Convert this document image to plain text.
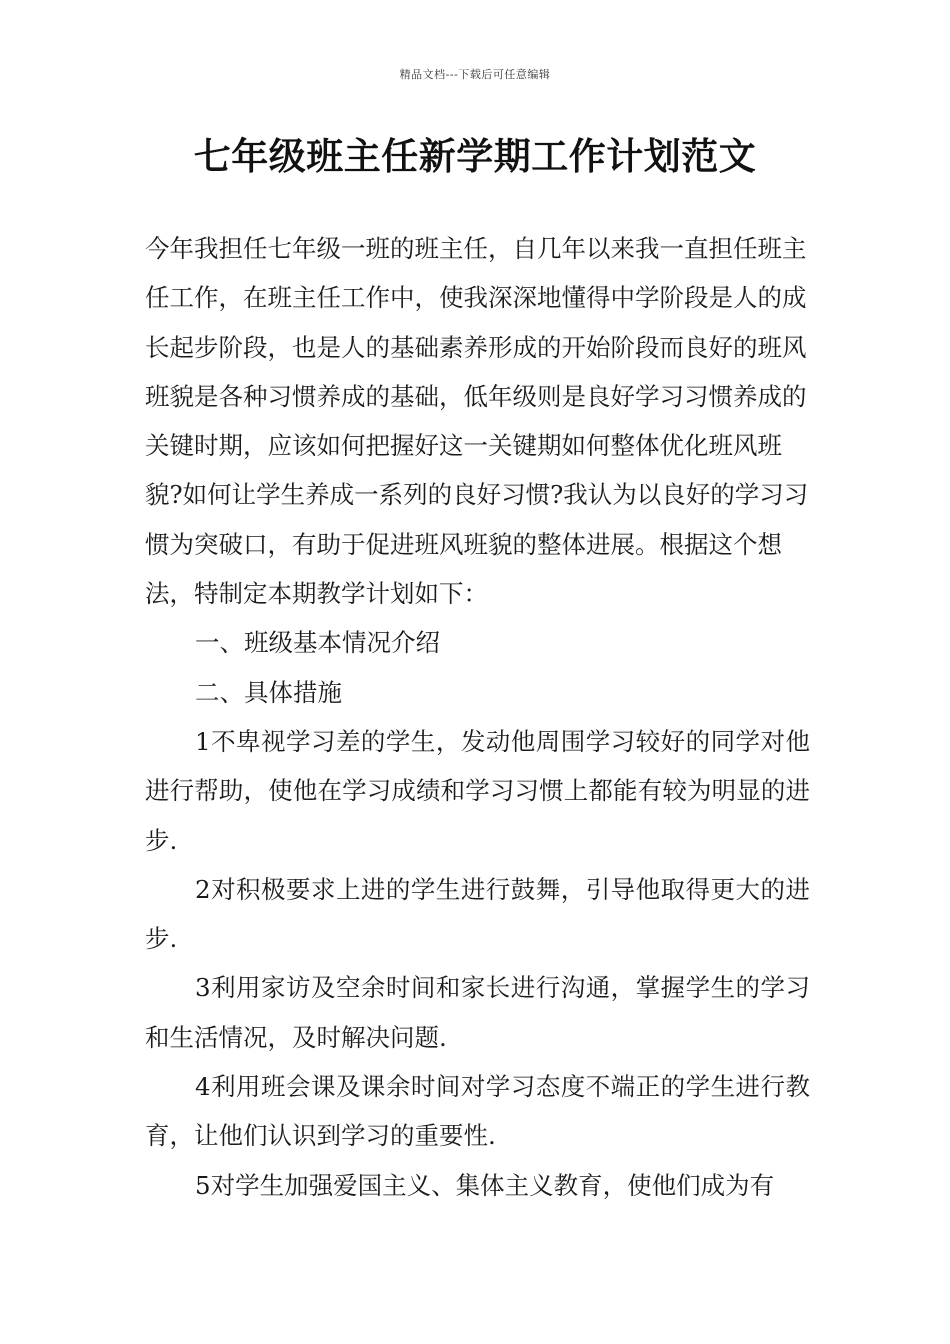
精品文档---下载后可任意编辑
七年级班主任新学期工作计划范文

今年我担任七年级一班的班主任，自几年以来我一直担任班主任工作，在班主任工作中，使我深深地懂得中学阶段是人的成长起步阶段，也是人的基础素养形成的开始阶段而良好的班风班貌是各种习惯养成的基础，低年级则是良好学习习惯养成的关键时期，应该如何把握好这一关键期如何整体优化班风班貌?如何让学生养成一系列的良好习惯?我认为以良好的学习习惯为突破口，有助于促进班风班貌的整体进展。根据这个想法，特制定本期教学计划如下：

一、班级基本情况介绍

二、具体措施

1不卑视学习差的学生，发动他周围学习较好的同学对他进行帮助，使他在学习成绩和学习习惯上都能有较为明显的进步.

2对积极要求上进的学生进行鼓舞，引导他取得更大的进步.

3利用家访及空余时间和家长进行沟通，掌握学生的学习和生活情况，及时解决问题.

4利用班会课及课余时间对学习态度不端正的学生进行教育，让他们认识到学习的重要性.

5对学生加强爱国主义、集体主义教育，使他们成为有
